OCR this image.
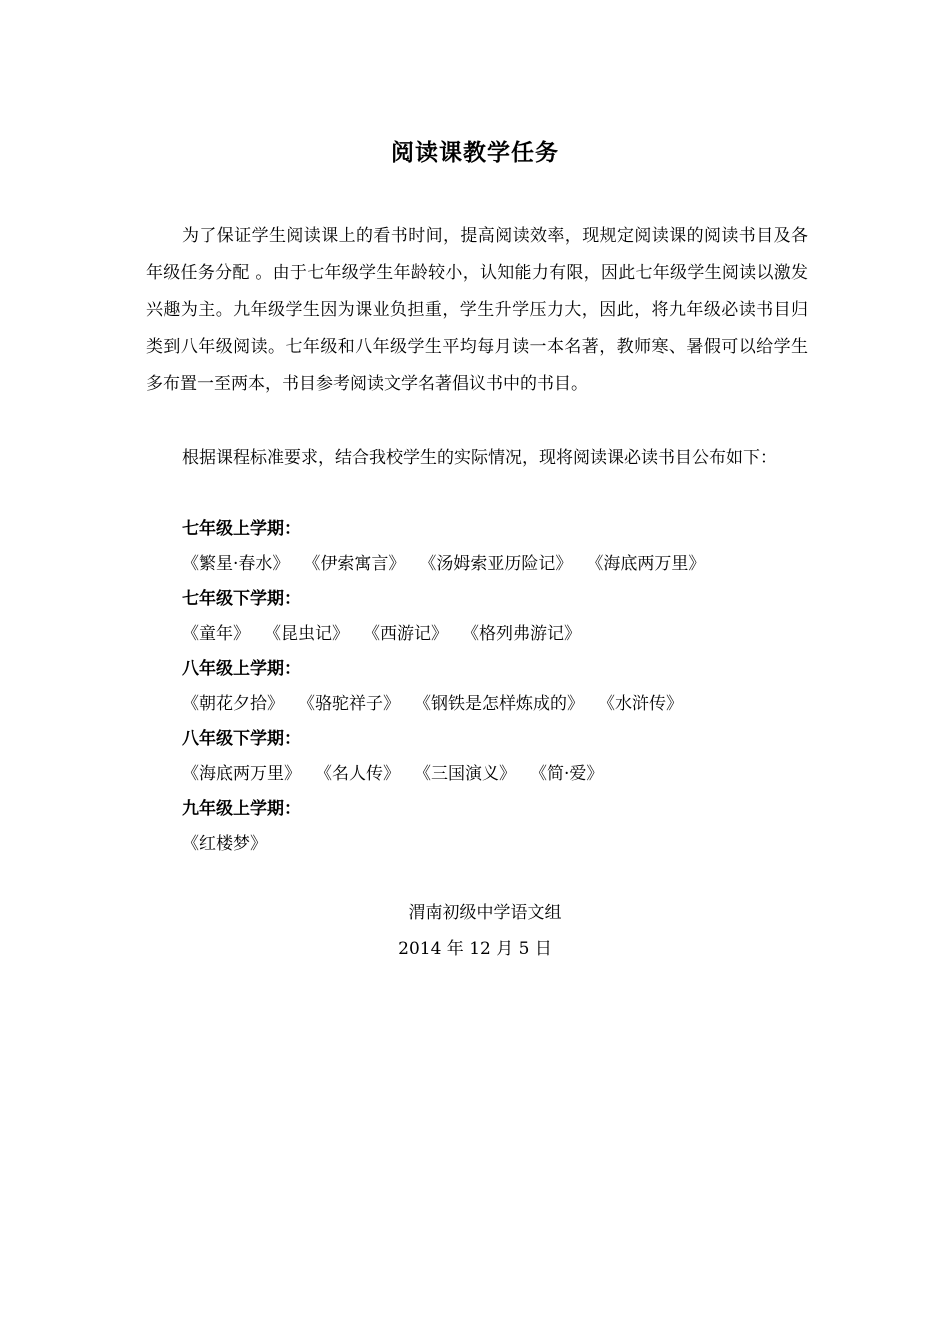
阅读课教学任务

为了保证学生阅读课上的看书时间，提高阅读效率，现规定阅读课的阅读书目及各年级任务分配 。由于七年级学生年龄较小，认知能力有限，因此七年级学生阅读以激发兴趣为主。九年级学生因为课业负担重，学生升学压力大，因此，将九年级必读书目归类到八年级阅读。七年级和八年级学生平均每月读一本名著，教师寒、暑假可以给学生多布置一至两本，书目参考阅读文学名著倡议书中的书目。

根据课程标准要求，结合我校学生的实际情况，现将阅读课必读书目公布如下：

七年级上学期：

《繁星·春水》 《伊索寓言》 《汤姆索亚历险记》 《海底两万里》

七年级下学期：

《童年》 《昆虫记》 《西游记》 《格列弗游记》

八年级上学期：

《朝花夕拾》 《骆驼祥子》 《钢铁是怎样炼成的》 《水浒传》

八年级下学期：

《海底两万里》 《名人传》 《三国演义》 《简·爱》

九年级上学期：

《红楼梦》
渭南初级中学语文组
2014 年 12 月 5 日
